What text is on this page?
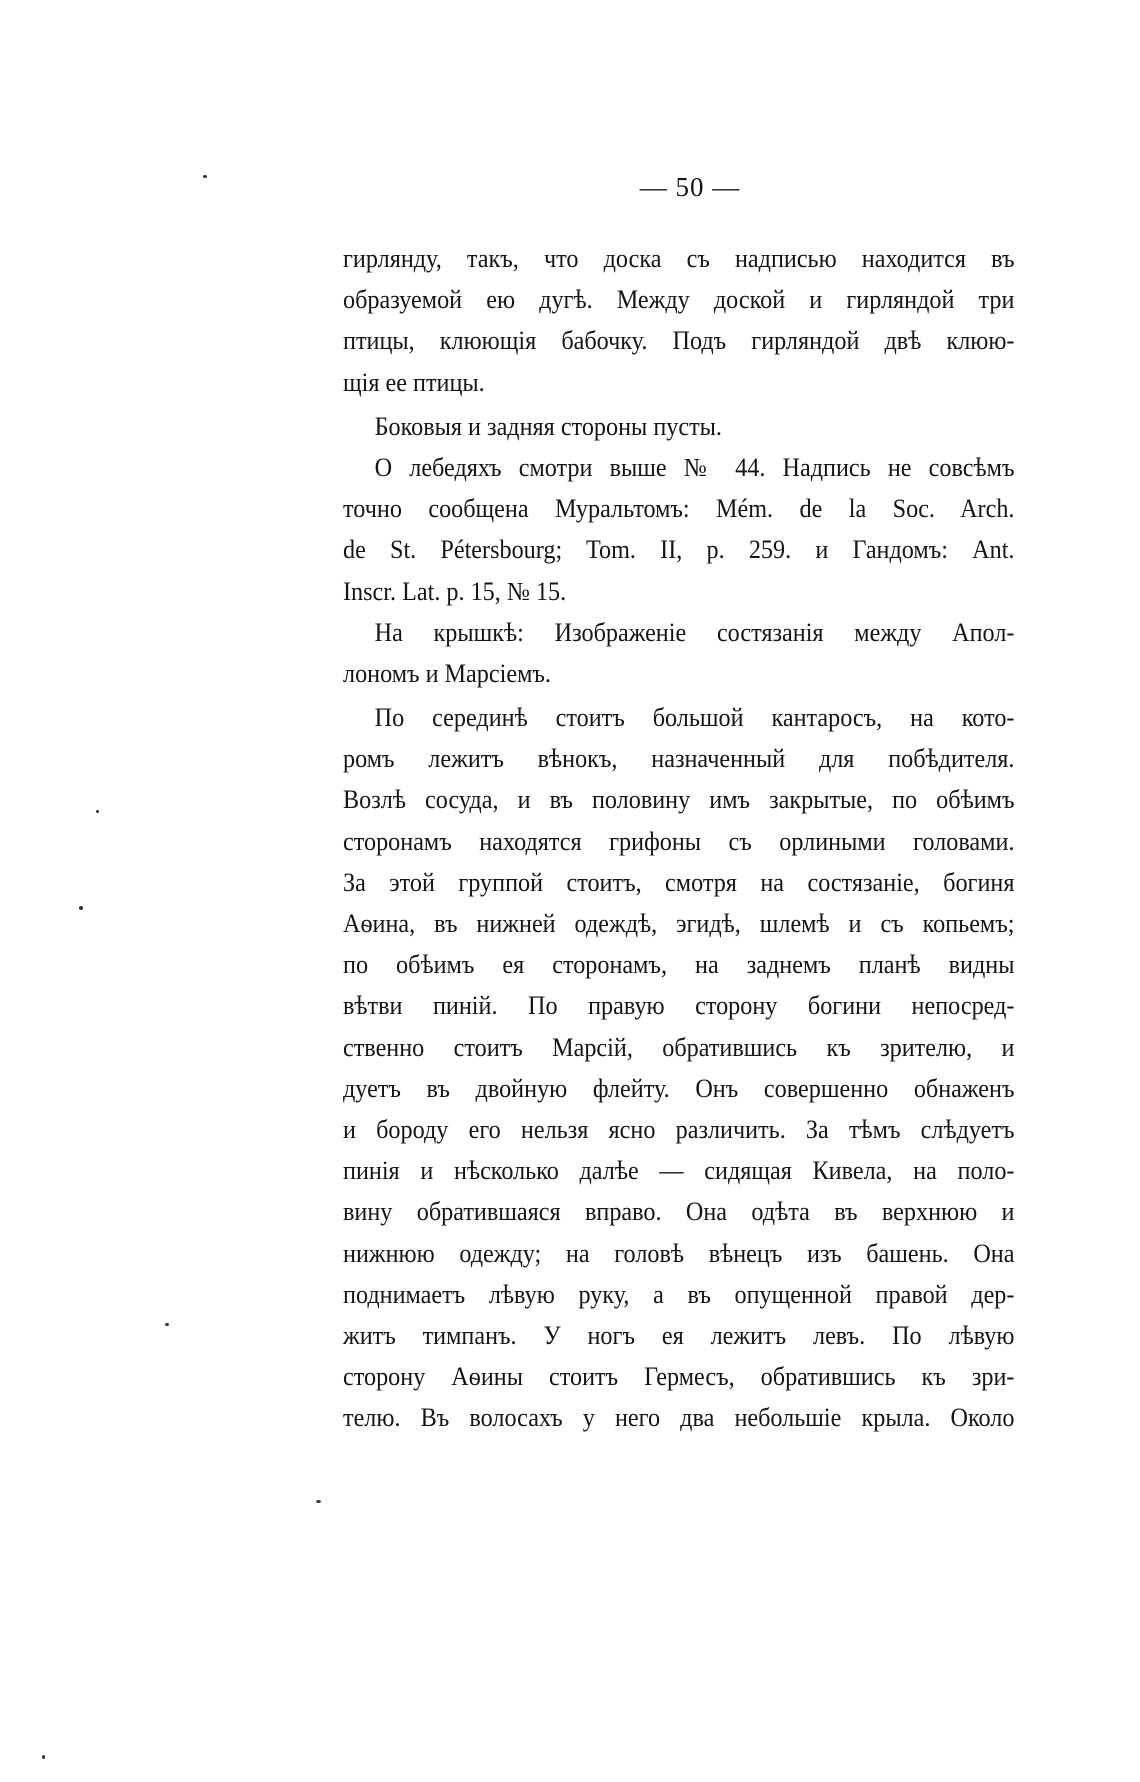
— 50 —
гирлянду, такъ, что доска съ надписью находится въ
образуемой ею дугѣ. Между доской и гирляндой три
птицы, клюющія бабочку. Подъ гирляндой двѣ клюю-
щія ее птицы.
Боковыя и задняя стороны пусты.
О лебедяхъ смотри выше № 44. Надпись не совсѣмъ
точно сообщена Муральтомъ: Mém. de la Soc. Arch.
de St. Pétersbourg; Tom. II, p. 259. и Гандомъ: Ant.
Inscr. Lat. p. 15, № 15.
На крышкѣ: Изображеніе состязанія между Апол-
лономъ и Марсіемъ.
По серединѣ стоитъ большой кантаросъ, на кото-
ромъ лежитъ вѣнокъ, назначенный для побѣдителя.
Возлѣ сосуда, и въ половину имъ закрытые, по обѣимъ
сторонамъ находятся грифоны съ орлиными головами.
За этой группой стоитъ, смотря на состязаніе, богиня
Аѳина, въ нижней одеждѣ, эгидѣ, шлемѣ и съ копьемъ;
по обѣимъ ея сторонамъ, на заднемъ планѣ видны
вѣтви пиній. По правую сторону богини непосред-
ственно стоитъ Марсій, обратившись къ зрителю, и
дуетъ въ двойную флейту. Онъ совершенно обнаженъ
и бороду его нельзя ясно различить. За тѣмъ слѣдуетъ
пинія и нѣсколько далѣе — сидящая Кивела, на поло-
вину обратившаяся вправо. Она одѣта въ верхнюю и
нижнюю одежду; на головѣ вѣнецъ изъ башень. Она
поднимаетъ лѣвую руку, а въ опущенной правой дер-
житъ тимпанъ. У ногъ ея лежитъ левъ. По лѣвую
сторону Аѳины стоитъ Гермесъ, обратившись къ зри-
телю. Въ волосахъ у него два небольшіе крыла. Около
